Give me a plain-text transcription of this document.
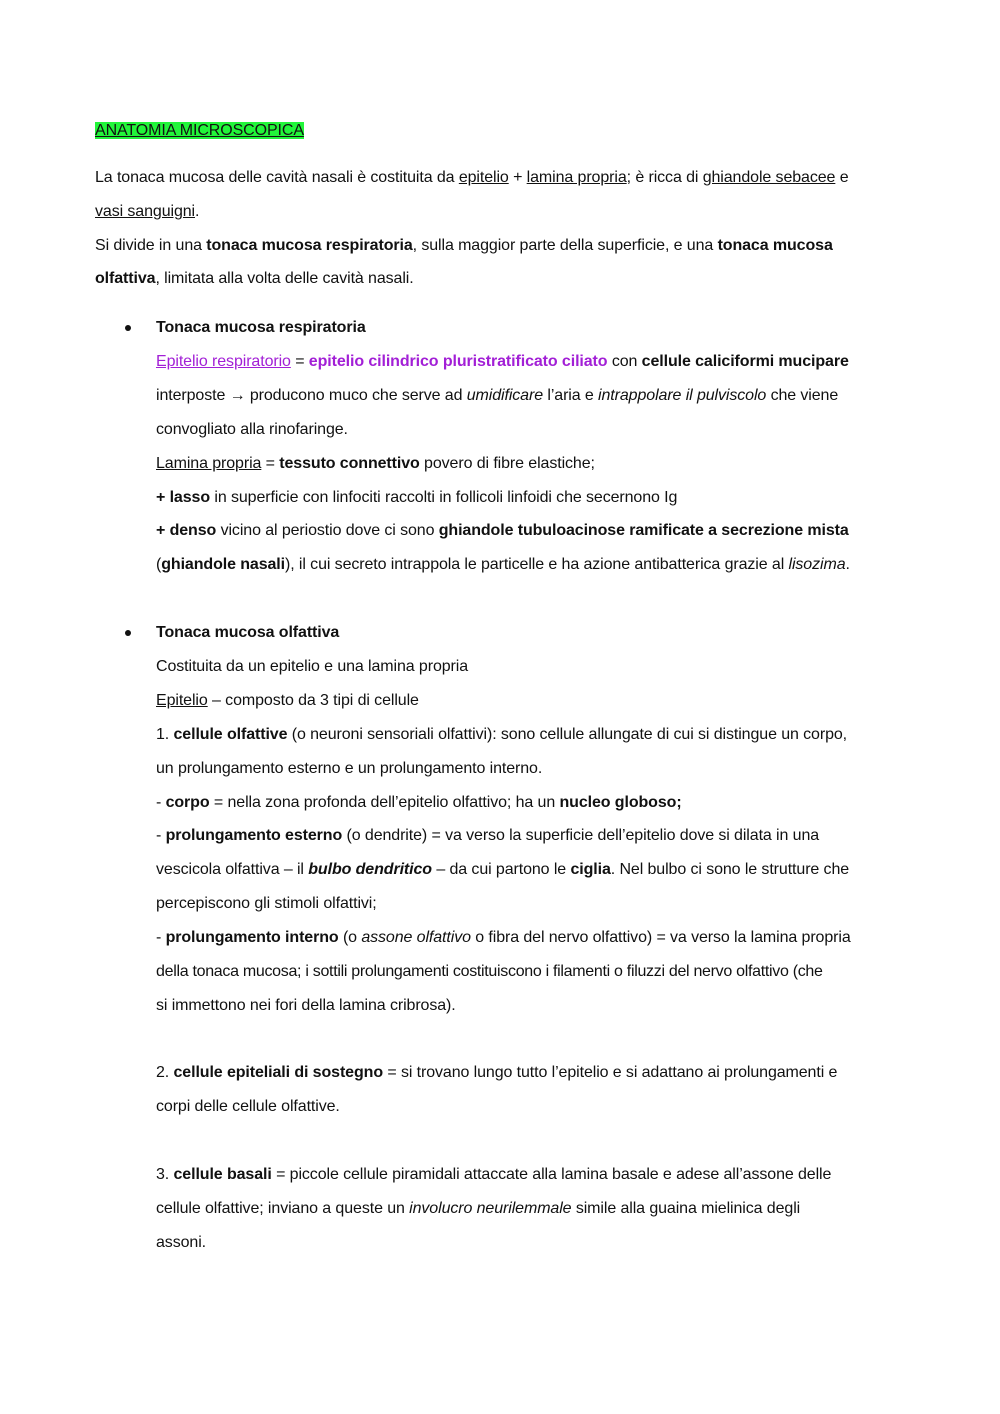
ANATOMIA MICROSCOPICA
La tonaca mucosa delle cavità nasali è costituita da epitelio + lamina propria; è ricca di ghiandole sebacee e
vasi sanguigni.
Si divide in una tonaca mucosa respiratoria, sulla maggior parte della superficie, e una tonaca mucosa
olfattiva, limitata alla volta delle cavità nasali.
Tonaca mucosa respiratoria
Epitelio respiratorio = epitelio cilindrico pluristratificato ciliato con cellule caliciformi mucipare
interposte → producono muco che serve ad umidificare l’aria e intrappolare il pulviscolo che viene
convogliato alla rinofaringe.
Lamina propria = tessuto connettivo povero di fibre elastiche;
+ lasso in superficie con linfociti raccolti in follicoli linfoidi che secernono Ig
+ denso vicino al periostio dove ci sono ghiandole tubuloacinose ramificate a secrezione mista
(ghiandole nasali), il cui secreto intrappola le particelle e ha azione antibatterica grazie al lisozima.
Tonaca mucosa olfattiva
Costituita da un epitelio e una lamina propria
Epitelio – composto da 3 tipi di cellule
1. cellule olfattive (o neuroni sensoriali olfattivi): sono cellule allungate di cui si distingue un corpo,
un prolungamento esterno e un prolungamento interno.
- corpo = nella zona profonda dell’epitelio olfattivo; ha un nucleo globoso;
- prolungamento esterno (o dendrite) = va verso la superficie dell’epitelio dove si dilata in una
vescicola olfattiva – il bulbo dendritico – da cui partono le ciglia. Nel bulbo ci sono le strutture che
percepiscono gli stimoli olfattivi;
- prolungamento interno (o assone olfattivo o fibra del nervo olfattivo) = va verso la lamina propria
della tonaca mucosa; i sottili prolungamenti costituiscono i filamenti o filuzzi del nervo olfattivo (che
si immettono nei fori della lamina cribrosa).
2. cellule epiteliali di sostegno = si trovano lungo tutto l’epitelio e si adattano ai prolungamenti e
corpi delle cellule olfattive.
3. cellule basali = piccole cellule piramidali attaccate alla lamina basale e adese all’assone delle
cellule olfattive; inviano a queste un involucro neurilemmale simile alla guaina mielinica degli
assoni.
